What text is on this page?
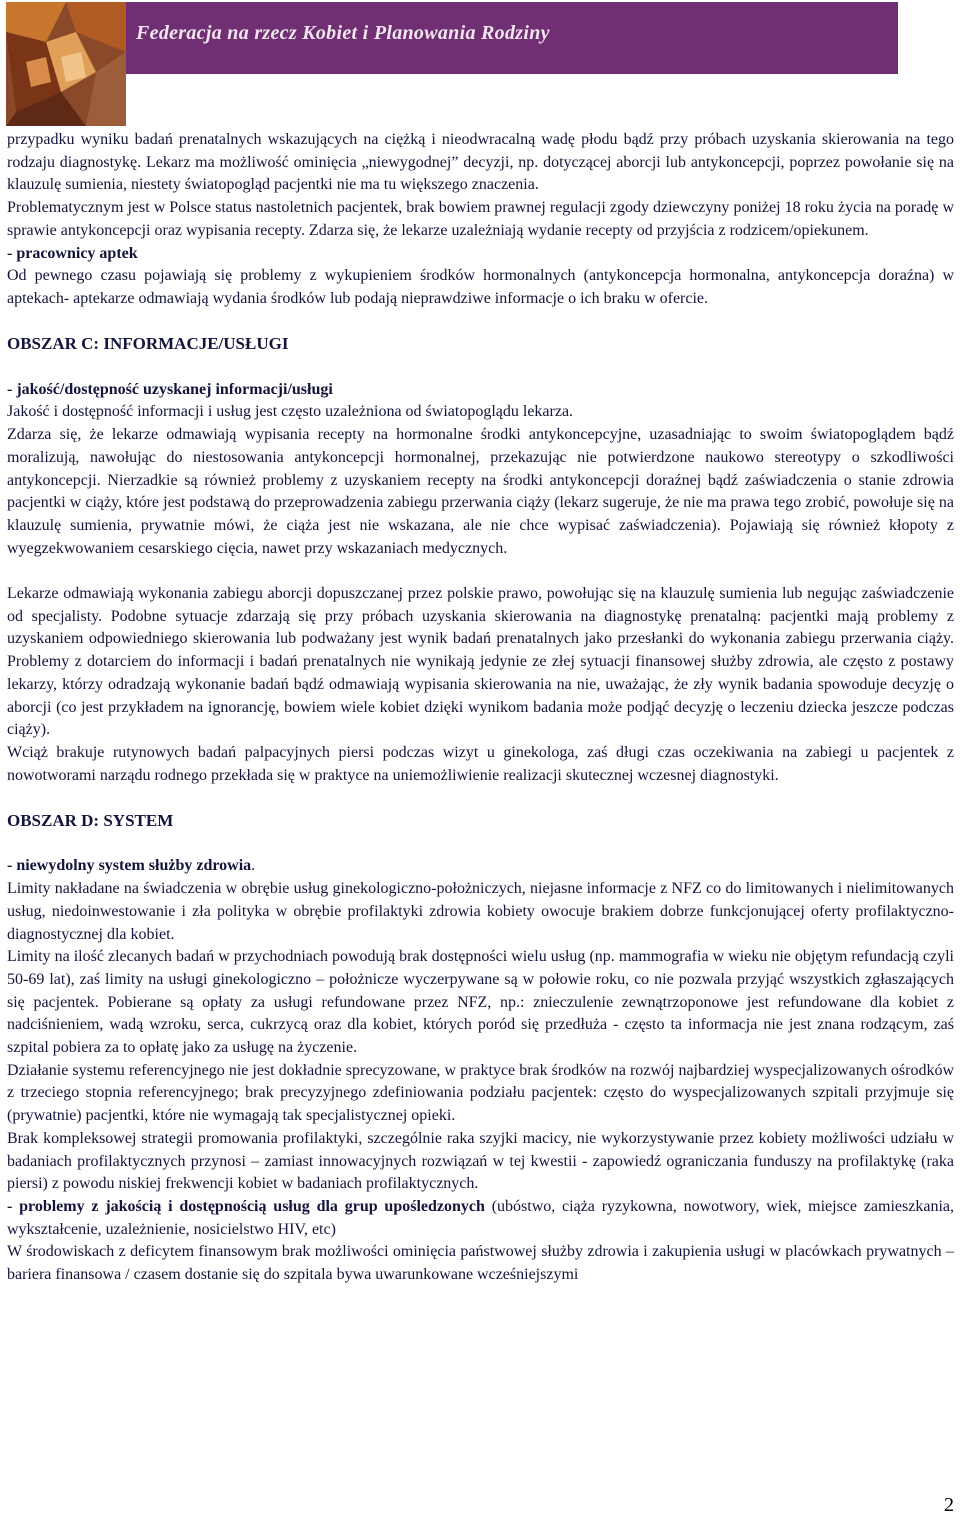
Federacja na rzecz Kobiet i Planowania Rodziny

przypadku wyniku badań prenatalnych wskazujących na ciężką i nieodwracalną wadę płodu bądź przy próbach uzyskania skierowania na tego rodzaju diagnostykę. Lekarz ma możliwość ominięcia „niewygodnej” decyzji, np. dotyczącej aborcji lub antykoncepcji, poprzez powołanie się na klauzulę sumienia, niestety światopogląd pacjentki nie ma tu większego znaczenia.

Problematycznym jest w Polsce status nastoletnich pacjentek, brak bowiem prawnej regulacji zgody dziewczyny poniżej 18 roku życia na poradę w sprawie antykoncepcji oraz wypisania recepty. Zdarza się, że lekarze uzależniają wydanie recepty od przyjścia z rodzicem/opiekunem.

- pracownicy aptek

Od pewnego czasu pojawiają się problemy z wykupieniem środków hormonalnych (antykoncepcja hormonalna, antykoncepcja doraźna) w aptekach- aptekarze odmawiają wydania środków lub podają nieprawdziwe informacje o ich braku w ofercie.

OBSZAR C: INFORMACJE/USŁUGI

- jakość/dostępność uzyskanej informacji/usługi

Jakość i dostępność informacji i usług jest często uzależniona od światopoglądu lekarza.

Zdarza się, że lekarze odmawiają wypisania recepty na hormonalne środki antykoncepcyjne, uzasadniając to swoim światopoglądem bądź moralizują, nawołując do niestosowania antykoncepcji hormonalnej, przekazując nie potwierdzone naukowo stereotypy o szkodliwości antykoncepcji. Nierzadkie są również problemy z uzyskaniem recepty na środki antykoncepcji doraźnej bądź zaświadczenia o stanie zdrowia pacjentki w ciąży, które jest podstawą do przeprowadzenia zabiegu przerwania ciąży (lekarz sugeruje, że nie ma prawa tego zrobić, powołuje się na klauzulę sumienia, prywatnie mówi, że ciąża jest nie wskazana, ale nie chce wypisać zaświadczenia). Pojawiają się również kłopoty z wyegzekwowaniem cesarskiego cięcia, nawet przy wskazaniach medycznych.

Lekarze odmawiają wykonania zabiegu aborcji dopuszczanej przez polskie prawo, powołując się na klauzulę sumienia lub negując zaświadczenie od specjalisty. Podobne sytuacje zdarzają się przy próbach uzyskania skierowania na diagnostykę prenatalną: pacjentki mają problemy z uzyskaniem odpowiedniego skierowania lub podważany jest wynik badań prenatalnych jako przesłanki do wykonania zabiegu przerwania ciąży. Problemy z dotarciem do informacji i badań prenatalnych nie wynikają jedynie ze złej sytuacji finansowej służby zdrowia, ale często z postawy lekarzy, którzy odradzają wykonanie badań bądź odmawiają wypisania skierowania na nie, uważając, że zły wynik badania spowoduje decyzję o aborcji (co jest przykładem na ignorancję, bowiem wiele kobiet dzięki wynikom badania może podjąć decyzję o leczeniu dziecka jeszcze podczas ciąży).

Wciąż brakuje rutynowych badań palpacyjnych piersi podczas wizyt u ginekologa, zaś długi czas oczekiwania na zabiegi u pacjentek z nowotworami narządu rodnego przekłada się w praktyce na uniemożliwienie realizacji skutecznej wczesnej diagnostyki.

OBSZAR D: SYSTEM

- niewydolny system służby zdrowia.

Limity nakładane na świadczenia w obrębie usług ginekologiczno-położniczych, niejasne informacje z NFZ co do limitowanych i nielimitowanych usług, niedoinwestowanie i zła polityka w obrębie profilaktyki zdrowia kobiety owocuje brakiem dobrze funkcjonującej oferty profilaktyczno-diagnostycznej dla kobiet.

Limity na ilość zlecanych badań w przychodniach powodują brak dostępności wielu usług (np. mammografia w wieku nie objętym refundacją czyli 50-69 lat), zaś limity na usługi ginekologiczno – położnicze wyczerpywane są w połowie roku, co nie pozwala przyjąć wszystkich zgłaszających się pacjentek. Pobierane są opłaty za usługi refundowane przez NFZ, np.: znieczulenie zewnątrzoponowe jest refundowane dla kobiet z nadciśnieniem, wadą wzroku, serca, cukrzycą oraz dla kobiet, których poród się przedłuża - często ta informacja nie jest znana rodzącym, zaś szpital pobiera za to opłatę jako za usługę na życzenie.

Działanie systemu referencyjnego nie jest dokładnie sprecyzowane, w praktyce brak środków na rozwój najbardziej wyspecjalizowanych ośrodków z trzeciego stopnia referencyjnego; brak precyzyjnego zdefiniowania podziału pacjentek: często do wyspecjalizowanych szpitali przyjmuje się (prywatnie) pacjentki, które nie wymagają tak specjalistycznej opieki.

Brak kompleksowej strategii promowania profilaktyki, szczególnie raka szyjki macicy, nie wykorzystywanie przez kobiety możliwości udziału w badaniach profilaktycznych przynosi – zamiast innowacyjnych rozwiązań w tej kwestii - zapowiedź ograniczania funduszy na profilaktykę (raka piersi) z powodu niskiej frekwencji kobiet w badaniach profilaktycznych.

- problemy z jakością i dostępnością usług dla grup upośledzonych (ubóstwo, ciąża ryzykowna, nowotwory, wiek, miejsce zamieszkania, wykształcenie, uzależnienie, nosicielstwo HIV, etc)

W środowiskach z deficytem finansowym brak możliwości ominięcia państwowej służby zdrowia i zakupienia usługi w placówkach prywatnych – bariera finansowa / czasem dostanie się do szpitala bywa uwarunkowane wcześniejszymi

2
